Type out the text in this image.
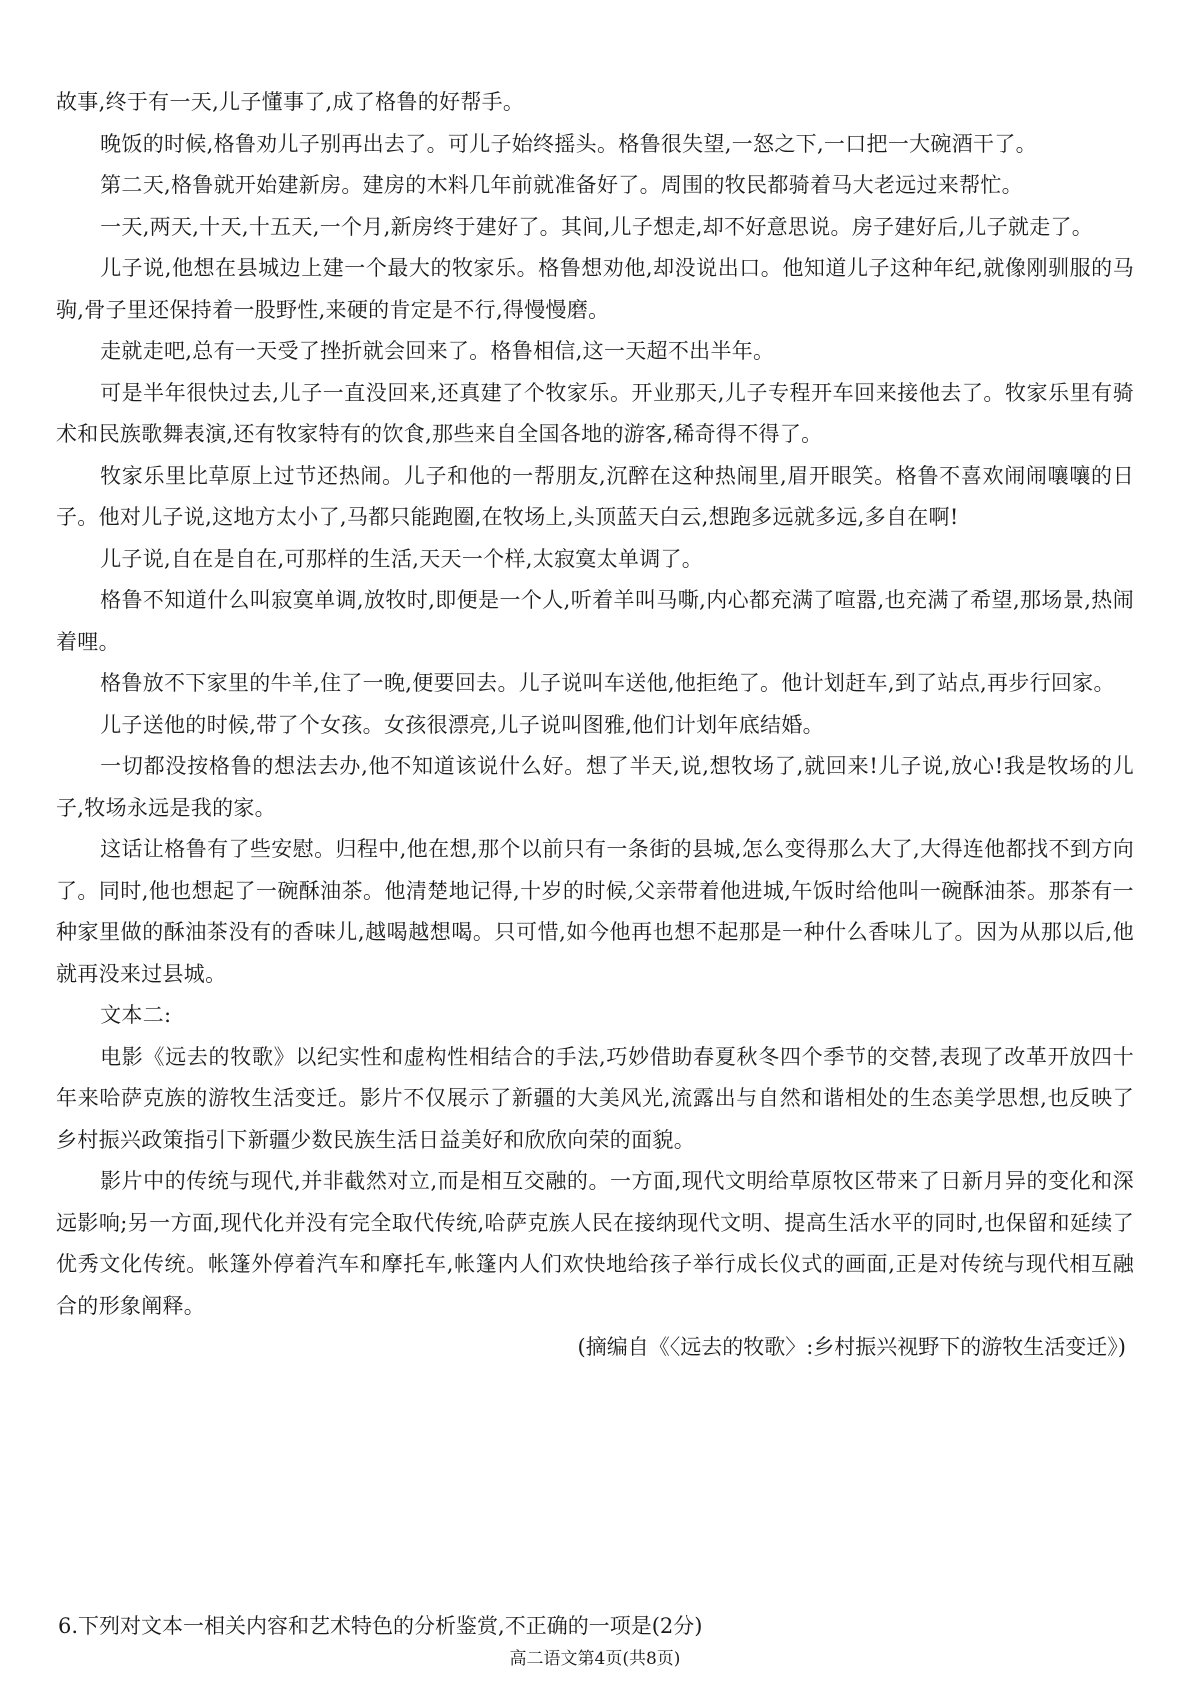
故事,终于有一天,儿子懂事了,成了格鲁的好帮手。

晚饭的时候,格鲁劝儿子别再出去了。可儿子始终摇头。格鲁很失望,一怒之下,一口把一大碗酒干了。

第二天,格鲁就开始建新房。建房的木料几年前就准备好了。周围的牧民都骑着马大老远过来帮忙。

一天,两天,十天,十五天,一个月,新房终于建好了。其间,儿子想走,却不好意思说。房子建好后,儿子就走了。

儿子说,他想在县城边上建一个最大的牧家乐。格鲁想劝他,却没说出口。他知道儿子这种年纪,就像刚驯服的马驹,骨子里还保持着一股野性,来硬的肯定是不行,得慢慢磨。

走就走吧,总有一天受了挫折就会回来了。格鲁相信,这一天超不出半年。

可是半年很快过去,儿子一直没回来,还真建了个牧家乐。开业那天,儿子专程开车回来接他去了。牧家乐里有骑术和民族歌舞表演,还有牧家特有的饮食,那些来自全国各地的游客,稀奇得不得了。

牧家乐里比草原上过节还热闹。儿子和他的一帮朋友,沉醉在这种热闹里,眉开眼笑。格鲁不喜欢闹闹嚷嚷的日子。他对儿子说,这地方太小了,马都只能跑圈,在牧场上,头顶蓝天白云,想跑多远就多远,多自在啊!

儿子说,自在是自在,可那样的生活,天天一个样,太寂寞太单调了。

格鲁不知道什么叫寂寞单调,放牧时,即便是一个人,听着羊叫马嘶,内心都充满了喧嚣,也充满了希望,那场景,热闹着哩。

格鲁放不下家里的牛羊,住了一晚,便要回去。儿子说叫车送他,他拒绝了。他计划赶车,到了站点,再步行回家。

儿子送他的时候,带了个女孩。女孩很漂亮,儿子说叫图雅,他们计划年底结婚。

一切都没按格鲁的想法去办,他不知道该说什么好。想了半天,说,想牧场了,就回来!儿子说,放心!我是牧场的儿子,牧场永远是我的家。

这话让格鲁有了些安慰。归程中,他在想,那个以前只有一条街的县城,怎么变得那么大了,大得连他都找不到方向了。同时,他也想起了一碗酥油茶。他清楚地记得,十岁的时候,父亲带着他进城,午饭时给他叫一碗酥油茶。那茶有一种家里做的酥油茶没有的香味儿,越喝越想喝。只可惜,如今他再也想不起那是一种什么香味儿了。因为从那以后,他就再没来过县城。

文本二:

电影《远去的牧歌》以纪实性和虚构性相结合的手法,巧妙借助春夏秋冬四个季节的交替,表现了改革开放四十年来哈萨克族的游牧生活变迁。影片不仅展示了新疆的大美风光,流露出与自然和谐相处的生态美学思想,也反映了乡村振兴政策指引下新疆少数民族生活日益美好和欣欣向荣的面貌。

影片中的传统与现代,并非截然对立,而是相互交融的。一方面,现代文明给草原牧区带来了日新月异的变化和深远影响;另一方面,现代化并没有完全取代传统,哈萨克族人民在接纳现代文明、提高生活水平的同时,也保留和延续了优秀文化传统。帐篷外停着汽车和摩托车,帐篷内人们欢快地给孩子举行成长仪式的画面,正是对传统与现代相互融合的形象阐释。

(摘编自《〈远去的牧歌〉:乡村振兴视野下的游牧生活变迁》)

6.下列对文本一相关内容和艺术特色的分析鉴赏,不正确的一项是(2分)

高二语文第4页(共8页)
